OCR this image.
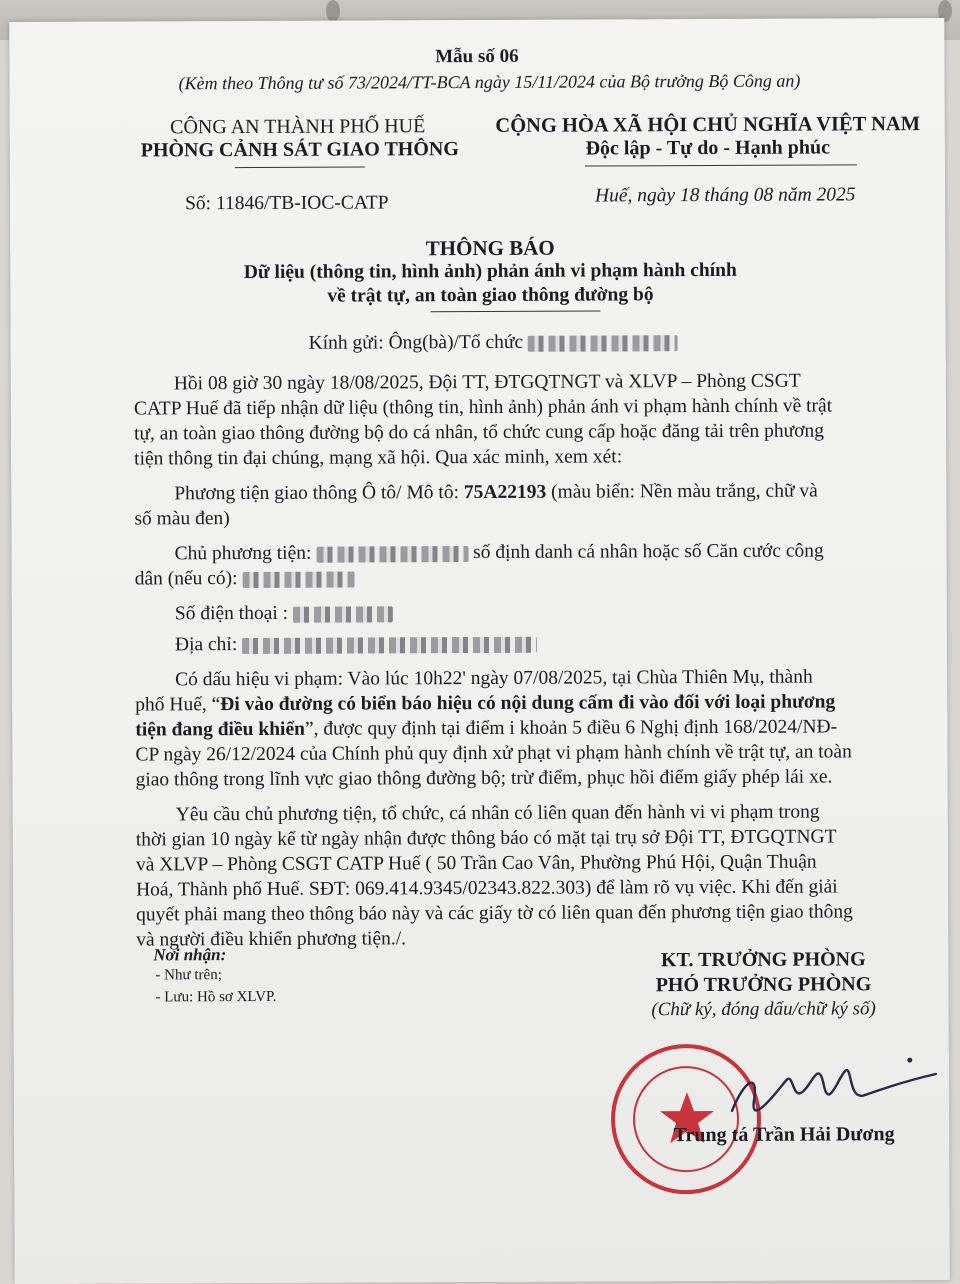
Mẫu số 06
(Kèm theo Thông tư số 73/2024/TT-BCA ngày 15/11/2024 của Bộ trưởng Bộ Công an)
CÔNG AN THÀNH PHỐ HUẾ
PHÒNG CẢNH SÁT GIAO THÔNG
CỘNG HÒA XÃ HỘI CHỦ NGHĨA VIỆT NAM
Độc lập - Tự do - Hạnh phúc
Số: 11846/TB-IOC-CATP	Huế, ngày 18 tháng 08 năm 2025
THÔNG BÁO
Dữ liệu (thông tin, hình ảnh) phản ánh vi phạm hành chính
về trật tự, an toàn giao thông đường bộ
Kính gửi: Ông(bà)/Tổ chức
Hồi 08 giờ 30 ngày 18/08/2025, Đội TT, ĐTGQTNGT và XLVP – Phòng CSGT
CATP Huế đã tiếp nhận dữ liệu (thông tin, hình ảnh) phản ánh vi phạm hành chính về trật
tự, an toàn giao thông đường bộ do cá nhân, tổ chức cung cấp hoặc đăng tải trên phương
tiện thông tin đại chúng, mạng xã hội. Qua xác minh, xem xét:
Phương tiện giao thông Ô tô/ Mô tô: 75A22193 (màu biển: Nền màu trắng, chữ và
số màu đen)
Chủ phương tiện:	số định danh cá nhân hoặc số Căn cước công
dân (nếu có):
Số điện thoại :
Địa chỉ:
Có dấu hiệu vi phạm: Vào lúc 10h22' ngày 07/08/2025, tại Chùa Thiên Mụ, thành
phố Huế, “Đi vào đường có biển báo hiệu có nội dung cấm đi vào đối với loại phương
tiện đang điều khiển”, được quy định tại điểm i khoản 5 điều 6 Nghị định 168/2024/NĐ-
CP ngày 26/12/2024 của Chính phủ quy định xử phạt vi phạm hành chính về trật tự, an toàn
giao thông trong lĩnh vực giao thông đường bộ; trừ điểm, phục hồi điểm giấy phép lái xe.
Yêu cầu chủ phương tiện, tổ chức, cá nhân có liên quan đến hành vi vi phạm trong
thời gian 10 ngày kể từ ngày nhận được thông báo có mặt tại trụ sở Đội TT, ĐTGQTNGT
và XLVP – Phòng CSGT CATP Huế ( 50 Trần Cao Vân, Phường Phú Hội, Quận Thuận
Hoá, Thành phố Huế. SĐT: 069.414.9345/02343.822.303) để làm rõ vụ việc. Khi đến giải
quyết phải mang theo thông báo này và các giấy tờ có liên quan đến phương tiện giao thông
và người điều khiển phương tiện./.
Nơi nhận:
- Như trên;
- Lưu: Hồ sơ XLVP.
KT. TRƯỞNG PHÒNG
PHÓ TRƯỞNG PHÒNG
(Chữ ký, đóng dấu/chữ ký số)
Trung tá Trần Hải Dương
